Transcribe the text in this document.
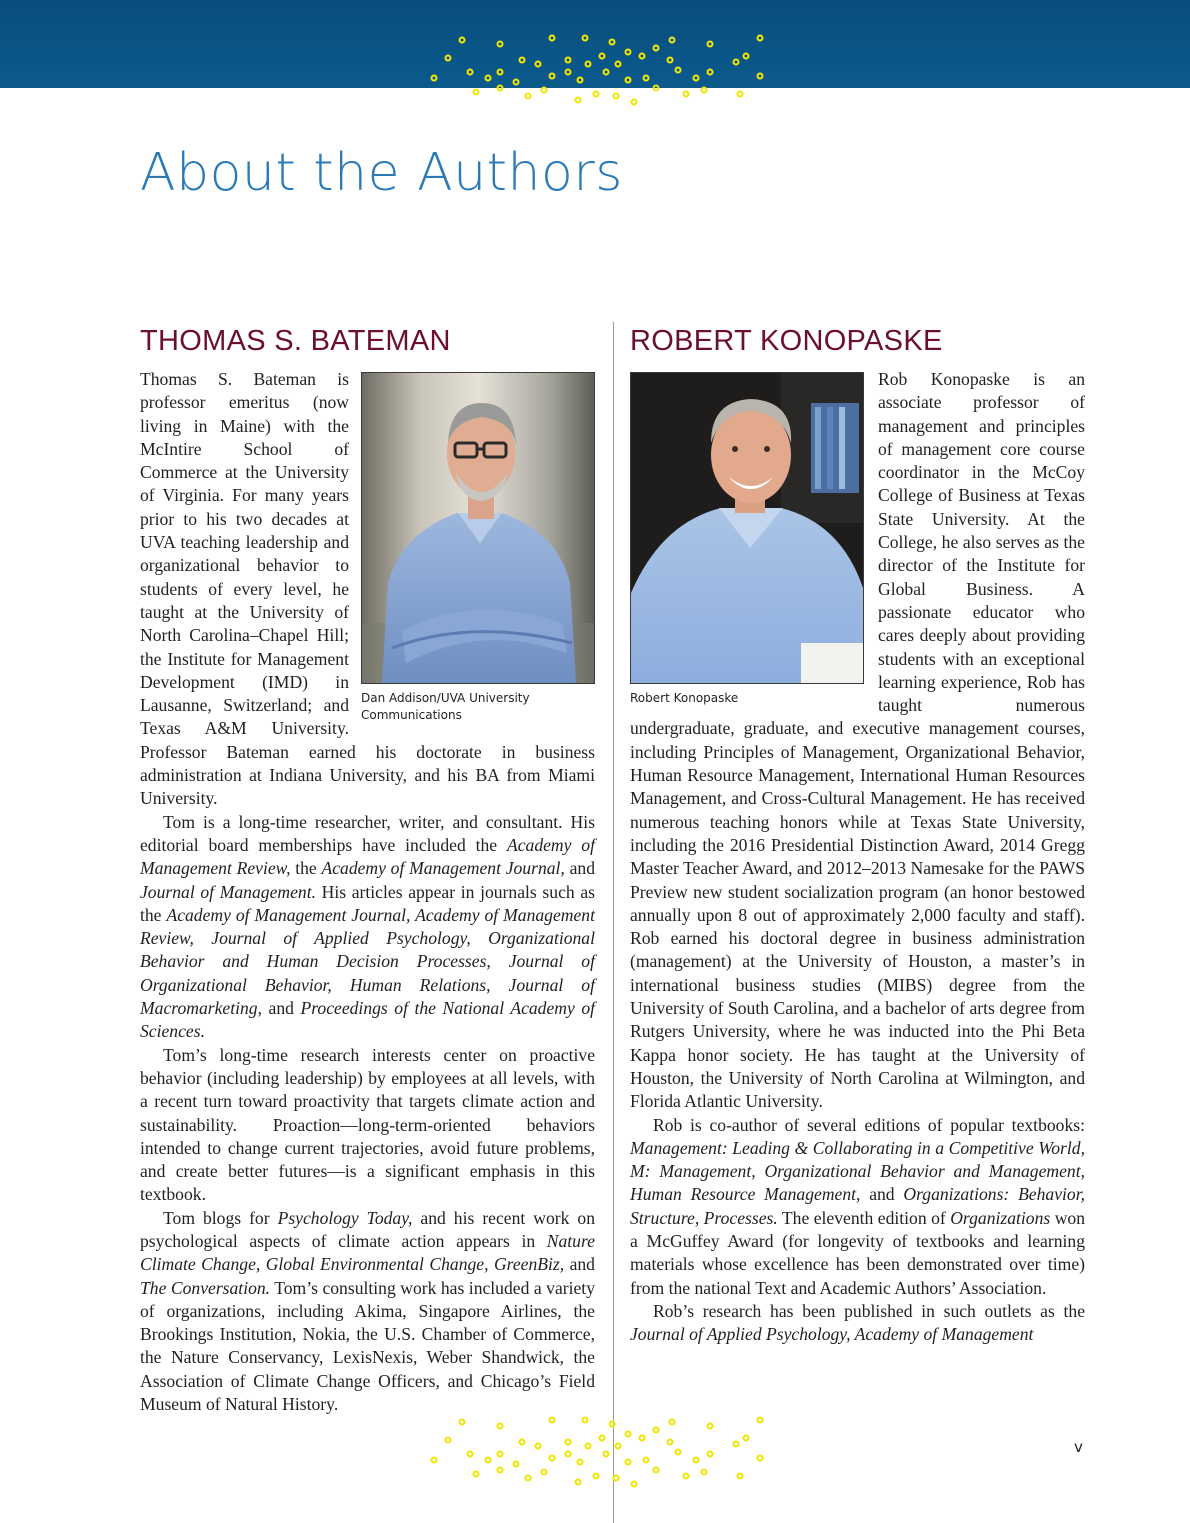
About the Authors
THOMAS S. BATEMAN
Dan Addison/UVA University Communications

Thomas S. Bateman is professor emeritus (now living in Maine) with the McIntire School of Commerce at the University of Virginia. For many years prior to his two decades at UVA teaching leadership and organizational behavior to students of every level, he taught at the University of North Carolina–Chapel Hill; the Institute for Management Development (IMD) in Lausanne, Switzerland; and Texas A&M University. Professor Bateman earned his doctorate in business administration at Indiana University, and his BA from Miami University.

Tom is a long-time researcher, writer, and consultant. His editorial board memberships have included the Academy of Management Review, the Academy of Management Journal, and Journal of Management. His articles appear in journals such as the Academy of Management Journal, Academy of Management Review, Journal of Applied Psychology, Organizational Behavior and Human Decision Processes, Journal of Organizational Behavior, Human Relations, Journal of Macromarketing, and Proceedings of the National Academy of Sciences.

Tom’s long-time research interests center on proactive behavior (including leadership) by employees at all levels, with a recent turn toward proactivity that targets climate action and sustainability. Proaction—long-term-oriented behaviors intended to change current trajectories, avoid future problems, and create better futures—is a significant emphasis in this textbook.

Tom blogs for Psychology Today, and his recent work on psychological aspects of climate action appears in Nature Climate Change, Global Environmental Change, GreenBiz, and The Conversation. Tom’s consulting work has included a variety of organizations, including Akima, Singapore Airlines, the Brookings Institution, Nokia, the U.S. Chamber of Commerce, the Nature Conservancy, LexisNexis, Weber Shandwick, the Association of Climate Change Officers, and Chicago’s Field Museum of Natural History.

ROBERT KONOPASKE
Robert Konopaske

Rob Konopaske is an associate professor of management and principles of management core course coordinator in the McCoy College of Business at Texas State University. At the College, he also serves as the director of the Institute for Global Business. A passionate educator who cares deeply about providing students with an exceptional learning experience, Rob has taught numerous undergraduate, graduate, and executive management courses, including Principles of Management, Organizational Behavior, Human Resource Management, International Human Resources Management, and Cross-Cultural Management. He has received numerous teaching honors while at Texas State University, including the 2016 Presidential Distinction Award, 2014 Gregg Master Teacher Award, and 2012–2013 Namesake for the PAWS Preview new student socialization program (an honor bestowed annually upon 8 out of approximately 2,000 faculty and staff). Rob earned his doctoral degree in business administration (management) at the University of Houston, a master’s in international business studies (MIBS) degree from the University of South Carolina, and a bachelor of arts degree from Rutgers University, where he was inducted into the Phi Beta Kappa honor society. He has taught at the University of Houston, the University of North Carolina at Wilmington, and Florida Atlantic University.

Rob is co-author of several editions of popular textbooks: Management: Leading & Collaborating in a Competitive World, M: Management, Organizational Behavior and Management, Human Resource Management, and Organizations: Behavior, Structure, Processes. The eleventh edition of Organizations won a McGuffey Award (for longevity of textbooks and learning materials whose excellence has been demonstrated over time) from the national Text and Academic Authors’ Association.

Rob’s research has been published in such outlets as the Journal of Applied Psychology, Academy of Management

v
